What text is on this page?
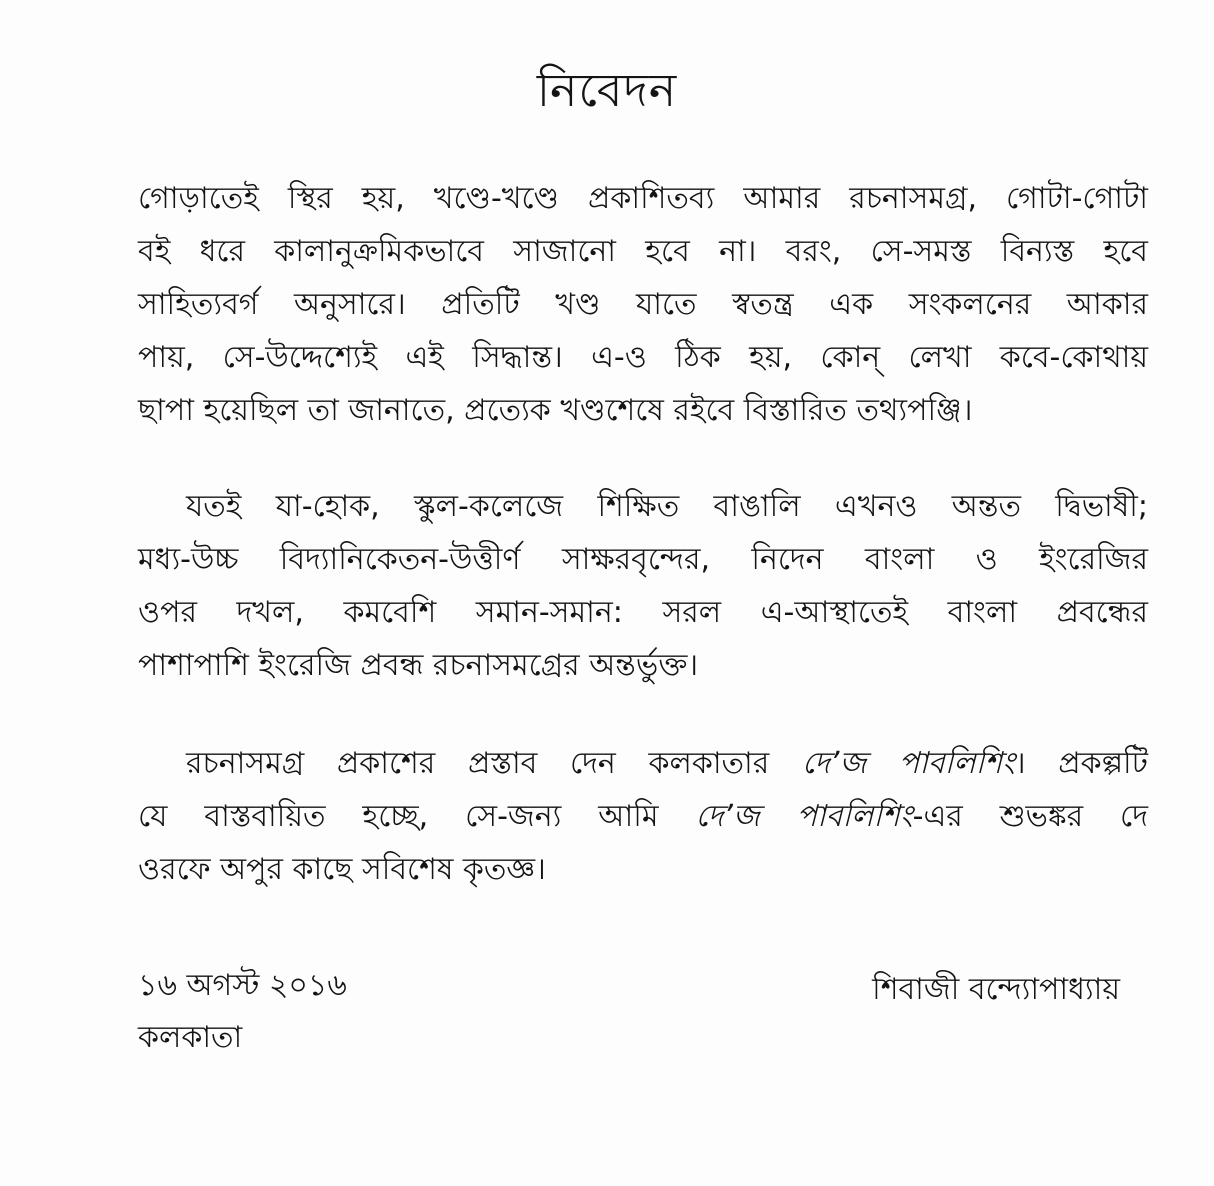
নিবেদন
গোড়াতেই স্থির হয়, খণ্ডে-খণ্ডে প্রকাশিতব্য আমার রচনাসমগ্র, গোটা-গোটা
বই ধরে কালানুক্রমিকভাবে সাজানো হবে না। বরং, সে-সমস্ত বিন্যস্ত হবে
সাহিত্যবর্গ অনুসারে। প্রতিটি খণ্ড যাতে স্বতন্ত্র এক সংকলনের আকার
পায়, সে-উদ্দেশ্যেই এই সিদ্ধান্ত। এ-ও ঠিক হয়, কোন্ লেখা কবে-কোথায়
ছাপা হয়েছিল তা জানাতে, প্রত্যেক খণ্ডশেষে রইবে বিস্তারিত তথ্যপঞ্জি।
যতই যা-হোক, স্কুল-কলেজে শিক্ষিত বাঙালি এখনও অন্তত দ্বিভাষী;
মধ্য-উচ্চ বিদ্যানিকেতন-উত্তীর্ণ সাক্ষরবৃন্দের, নিদেন বাংলা ও ইংরেজির
ওপর দখল, কমবেশি সমান-সমান: সরল এ-আস্থাতেই বাংলা প্রবন্ধের
পাশাপাশি ইংরেজি প্রবন্ধ রচনাসমগ্রের অন্তর্ভুক্ত।
রচনাসমগ্র প্রকাশের প্রস্তাব দেন কলকাতার দে’জ পাবলিশিং। প্রকল্পটি
যে বাস্তবায়িত হচ্ছে, সে-জন্য আমি দে’জ পাবলিশিং-এর শুভঙ্কর দে
ওরফে অপুর কাছে সবিশেষ কৃতজ্ঞ।
১৬ অগস্ট ২০১৬
কলকাতা
শিবাজী বন্দ্যোপাধ্যায়
